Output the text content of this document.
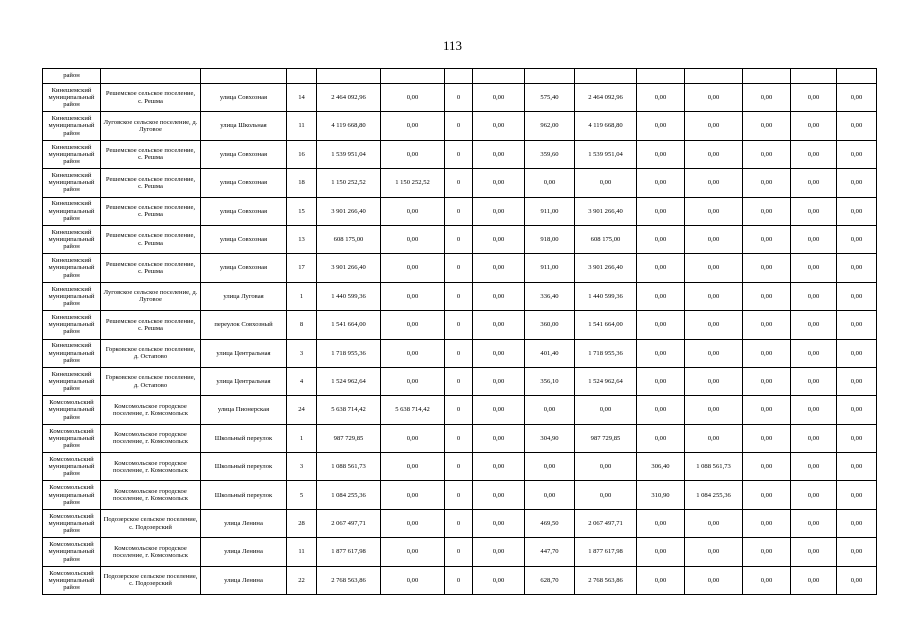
113
район														
Кинешемский муниципальный район	Решемское сельское поселение, с. Решма	улица Совхозная	14	2 464 092,96	0,00	0	0,00	575,40	2 464 092,96	0,00	0,00	0,00	0,00	0,00
Кинешемский муниципальный район	Луговское сельское поселение, д. Луговое	улица Школьная	11	4 119 668,80	0,00	0	0,00	962,00	4 119 668,80	0,00	0,00	0,00	0,00	0,00
Кинешемский муниципальный район	Решемское сельское поселение, с. Решма	улица Совхозная	16	1 539 951,04	0,00	0	0,00	359,60	1 539 951,04	0,00	0,00	0,00	0,00	0,00
Кинешемский муниципальный район	Решемское сельское поселение, с. Решма	улица Совхозная	18	1 150 252,52	1 150 252,52	0	0,00	0,00	0,00	0,00	0,00	0,00	0,00	0,00
Кинешемский муниципальный район	Решемское сельское поселение, с. Решма	улица Совхозная	15	3 901 266,40	0,00	0	0,00	911,00	3 901 266,40	0,00	0,00	0,00	0,00	0,00
Кинешемский муниципальный район	Решемское сельское поселение, с. Решма	улица Совхозная	13	608 175,00	0,00	0	0,00	918,00	608 175,00	0,00	0,00	0,00	0,00	0,00
Кинешемский муниципальный район	Решемское сельское поселение, с. Решма	улица Совхозная	17	3 901 266,40	0,00	0	0,00	911,00	3 901 266,40	0,00	0,00	0,00	0,00	0,00
Кинешемский муниципальный район	Луговское сельское поселение, д. Луговое	улица Луговая	1	1 440 599,36	0,00	0	0,00	336,40	1 440 599,36	0,00	0,00	0,00	0,00	0,00
Кинешемский муниципальный район	Решемское сельское поселение, с. Решма	переулок Совхозный	8	1 541 664,00	0,00	0	0,00	360,00	1 541 664,00	0,00	0,00	0,00	0,00	0,00
Кинешемский муниципальный район	Горковское сельское поселение, д. Остапово	улица Центральная	3	1 718 955,36	0,00	0	0,00	401,40	1 718 955,36	0,00	0,00	0,00	0,00	0,00
Кинешемский муниципальный район	Горковское сельское поселение, д. Остапово	улица Центральная	4	1 524 962,64	0,00	0	0,00	356,10	1 524 962,64	0,00	0,00	0,00	0,00	0,00
Комсомольский муниципальный район	Комсомольское городское поселение, г. Комсомольск	улица Пионерская	24	5 638 714,42	5 638 714,42	0	0,00	0,00	0,00	0,00	0,00	0,00	0,00	0,00
Комсомольский муниципальный район	Комсомольское городское поселение, г. Комсомольск	Школьный переулок	1	987 729,85	0,00	0	0,00	304,90	987 729,85	0,00	0,00	0,00	0,00	0,00
Комсомольский муниципальный район	Комсомольское городское поселение, г. Комсомольск	Школьный переулок	3	1 088 561,73	0,00	0	0,00	0,00	0,00	306,40	1 088 561,73	0,00	0,00	0,00
Комсомольский муниципальный район	Комсомольское городское поселение, г. Комсомольск	Школьный переулок	5	1 084 255,36	0,00	0	0,00	0,00	0,00	310,90	1 084 255,36	0,00	0,00	0,00
Комсомольский муниципальный район	Подозерское сельское поселение, с. Подозерский	улица Ленина	28	2 067 497,71	0,00	0	0,00	469,50	2 067 497,71	0,00	0,00	0,00	0,00	0,00
Комсомольский муниципальный район	Комсомольское городское поселение, г. Комсомольск	улица Ленина	11	1 877 617,98	0,00	0	0,00	447,70	1 877 617,98	0,00	0,00	0,00	0,00	0,00
Комсомольский муниципальный район	Подозерское сельское поселение, с. Подозерский	улица Ленина	22	2 768 563,86	0,00	0	0,00	628,70	2 768 563,86	0,00	0,00	0,00	0,00	0,00
